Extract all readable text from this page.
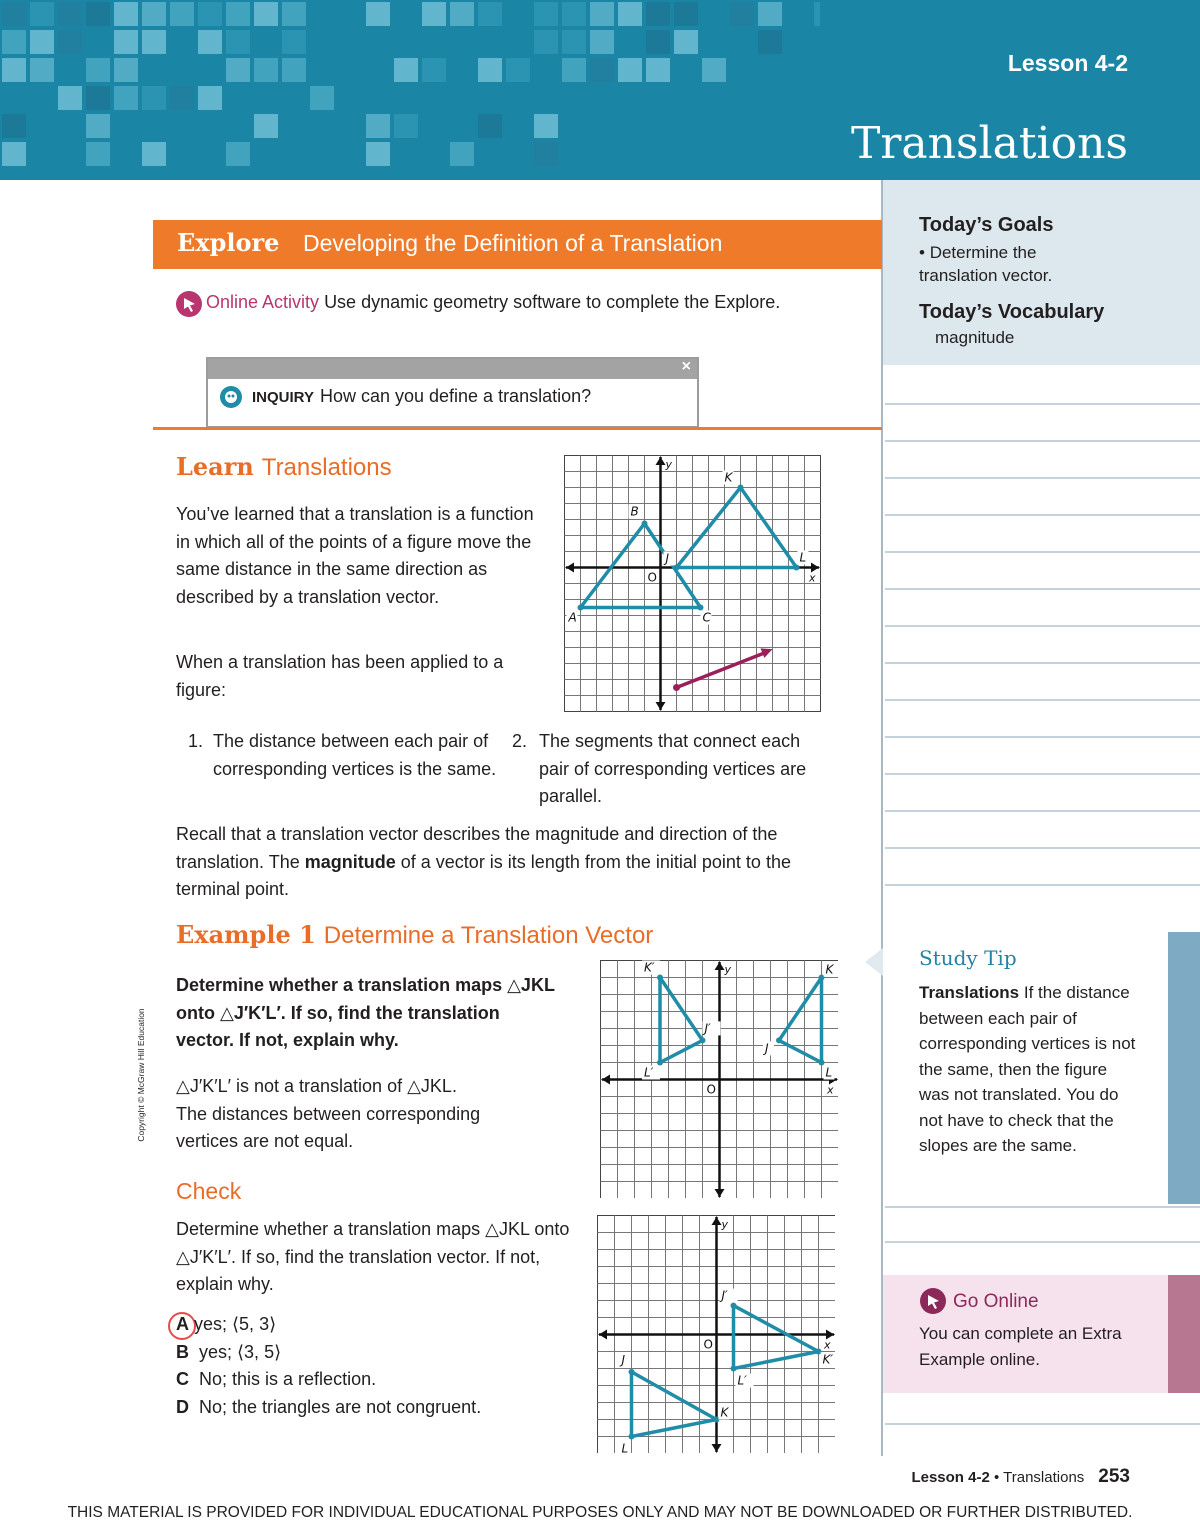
Lesson 4-2
Translations
Today’s Goals
• Determine the translation vector.
Today’s Vocabulary
magnitude
Study Tip
Translations If the distance between each pair of corresponding vertices is not the same, then the figure was not translated. You do not have to check that the slopes are the same.
Go Online
You can complete an Extra Example online.
Explore Developing the Definition of a Translation
Online Activity Use dynamic geometry software to complete the Explore.
×
INQUIRY How can you define a translation?
Learn Translations
You’ve learned that a translation is a function in which all of the points of a figure move the same distance in the same direction as described by a translation vector.
When a translation has been applied to a figure:
1. The distance between each pair of corresponding vertices is the same.
2. The segments that connect each pair of corresponding vertices are parallel.
Recall that a translation vector describes the magnitude and direction of the translation. The magnitude of a vector is its length from the initial point to the terminal point.
x
y
O
A
B
C
J
K
L
Example 1 Determine a Translation Vector
Determine whether a translation maps △JKL onto △J′K′L′. If so, find the translation vector. If not, explain why.
△J′K′L′ is not a translation of △JKL.
The distances between corresponding vertices are not equal.
x
y
O
K′
J′
L′
K
J
L
Check
Determine whether a translation maps △JKL onto △J′K′L′. If so, find the translation vector. If not, explain why.
A yes; ⟨5, 3⟩
B yes; ⟨3, 5⟩
C No; this is a reflection.
D No; the triangles are not congruent.
x
y
O
J′
K′
L′
J
K
L
Copyright © McGraw Hill Education
Lesson 4-2 • Translations 253
THIS MATERIAL IS PROVIDED FOR INDIVIDUAL EDUCATIONAL PURPOSES ONLY AND MAY NOT BE DOWNLOADED OR FURTHER DISTRIBUTED.
